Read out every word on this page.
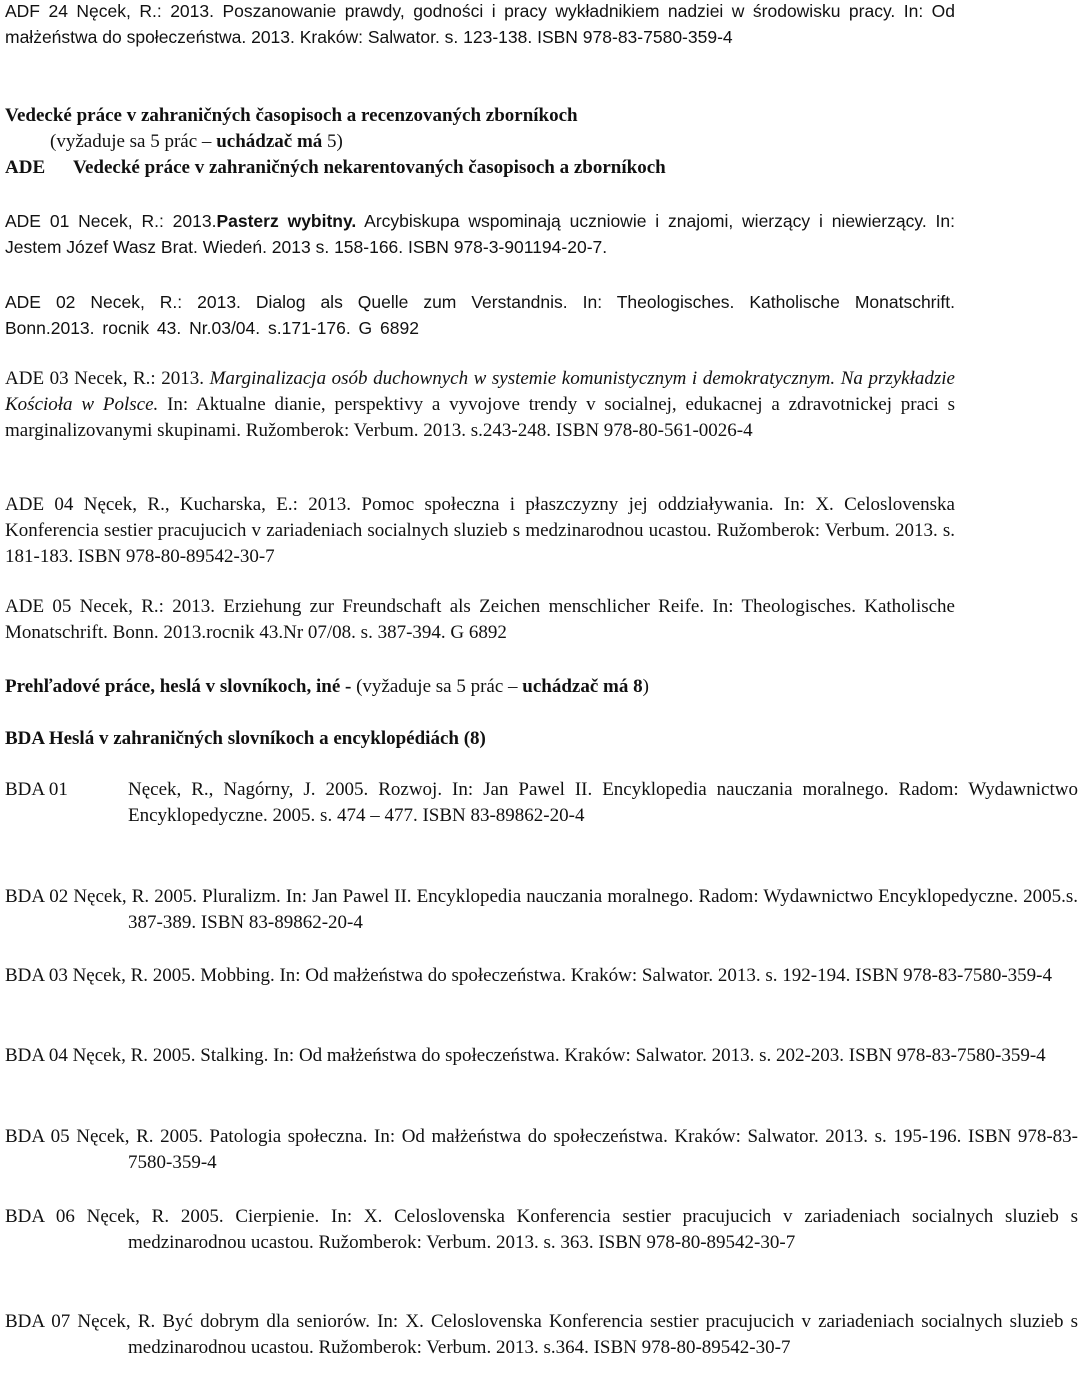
ADF 24 Nęcek, R.: 2013. Poszanowanie prawdy, godności i pracy wykładnikiem nadziei w środowisku pracy. In: Od małżeństwa do społeczeństwa. 2013. Kraków: Salwator. s. 123-138. ISBN 978-83-7580-359-4
Vedecké práce v zahraničných časopisoch a recenzovaných zborníkoch
(vyžaduje sa 5 prác – uchádzač má 5)
ADE Vedecké práce v zahraničných nekarentovaných časopisoch a zborníkoch
ADE 01 Necek, R.: 2013.Pasterz wybitny. Arcybiskupa wspominają uczniowie i znajomi, wierzący i niewierzący. In: Jestem Józef Wasz Brat. Wiedeń. 2013 s. 158-166. ISBN 978-3-901194-20-7.
ADE 02 Necek, R.: 2013. Dialog als Quelle zum Verstandnis. In: Theologisches. Katholische Monatschrift. Bonn.2013. rocnik 43. Nr.03/04. s.171-176. G 6892
ADE 03 Necek, R.: 2013. Marginalizacja osób duchownych w systemie komunistycznym i demokratycznym. Na przykładzie Kościoła w Polsce. In: Aktualne dianie, perspektivy a vyvojove trendy v socialnej, edukacnej a zdravotnickej praci s marginalizovanymi skupinami. Ružomberok: Verbum. 2013. s.243-248. ISBN 978-80-561-0026-4
ADE 04 Nęcek, R., Kucharska, E.: 2013. Pomoc społeczna i płaszczyzny jej oddziaływania. In: X. Celoslovenska Konferencia sestier pracujucich v zariadeniach socialnych sluzieb s medzinarodnou ucastou. Ružomberok: Verbum. 2013. s. 181-183. ISBN 978-80-89542-30-7
ADE 05 Necek, R.: 2013. Erziehung zur Freundschaft als Zeichen menschlicher Reife. In: Theologisches. Katholische Monatschrift. Bonn. 2013.rocnik 43.Nr 07/08. s. 387-394. G 6892
Prehľadové práce, heslá v slovníkoch, iné - (vyžaduje sa 5 prác – uchádzač má 8)
BDA Heslá v zahraničných slovníkoch a encyklopédiách (8)
BDA 01	Nęcek, R., Nagórny, J. 2005. Rozwoj. In: Jan Pawel II. Encyklopedia nauczania moralnego. Radom: Wydawnictwo Encyklopedyczne. 2005. s. 474 – 477. ISBN 83-89862-20-4
BDA 02 Nęcek, R. 2005. Pluralizm. In: Jan Pawel II. Encyklopedia nauczania moralnego. Radom: Wydawnictwo Encyklopedyczne. 2005.s. 387-389. ISBN 83-89862-20-4
BDA 03 Nęcek, R. 2005. Mobbing. In: Od małżeństwa do społeczeństwa. Kraków: Salwator. 2013. s. 192-194. ISBN 978-83-7580-359-4
BDA 04 Nęcek, R. 2005. Stalking. In: Od małżeństwa do społeczeństwa. Kraków: Salwator. 2013. s. 202-203. ISBN 978-83-7580-359-4
BDA 05 Nęcek, R. 2005. Patologia społeczna. In: Od małżeństwa do społeczeństwa. Kraków: Salwator. 2013. s. 195-196. ISBN 978-83-7580-359-4
BDA 06 Nęcek, R. 2005. Cierpienie. In: X. Celoslovenska Konferencia sestier pracujucich v zariadeniach socialnych sluzieb s medzinarodnou ucastou. Ružomberok: Verbum. 2013. s. 363. ISBN 978-80-89542-30-7
BDA 07 Nęcek, R. Być dobrym dla seniorów. In: X. Celoslovenska Konferencia sestier pracujucich v zariadeniach socialnych sluzieb s medzinarodnou ucastou. Ružomberok: Verbum. 2013. s.364. ISBN 978-80-89542-30-7
